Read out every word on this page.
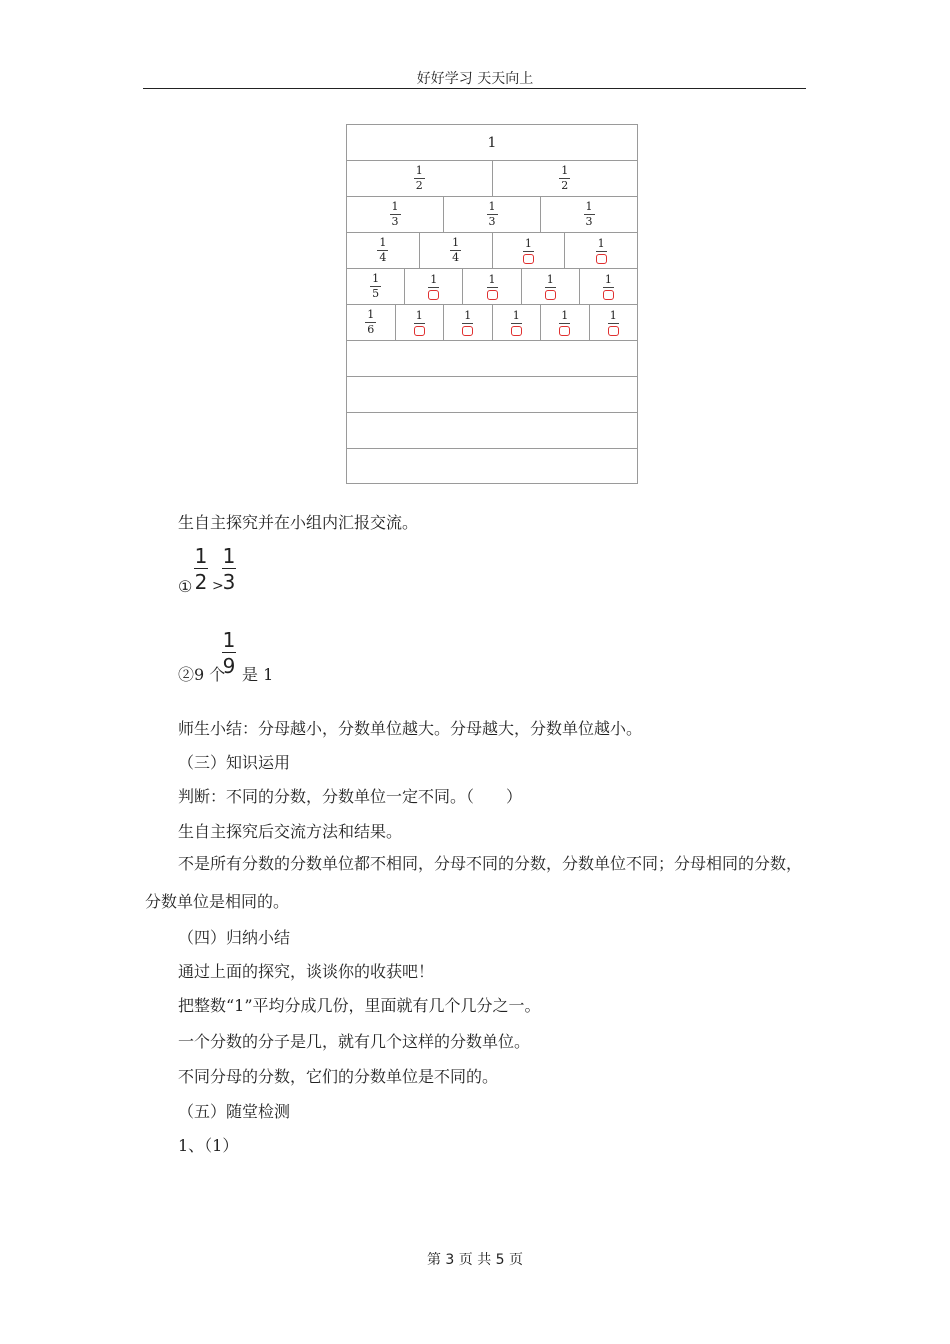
好好学习 天天向上
1
$\frac{1}{2}$	$\frac{1}{2}$
$\frac{1}{3}$	$\frac{1}{3}$	$\frac{1}{3}$
$\frac{1}{4}$	$\frac{1}{4}$	1	1
$\frac{1}{5}$	1	1	1	1
$\frac{1}{6}$	1	1	1	1	1
生自主探究并在小组内汇报交流。
①
1
2 >
1
3
②9 个
1
9 是 1
师生小结：分母越小，分数单位越大。分母越大，分数单位越小。
（三）知识运用
判断：不同的分数，分数单位一定不同。（　　）
生自主探究后交流方法和结果。
不是所有分数的分数单位都不相同，分母不同的分数，分数单位不同；分母相同的分数，分数单位是相同的。
（四）归纳小结
通过上面的探究，谈谈你的收获吧！
把整数“1”平均分成几份，里面就有几个几分之一。
一个分数的分子是几，就有几个这样的分数单位。
不同分母的分数，它们的分数单位是不同的。
（五）随堂检测
1、（1）
第 3 页 共 5 页
